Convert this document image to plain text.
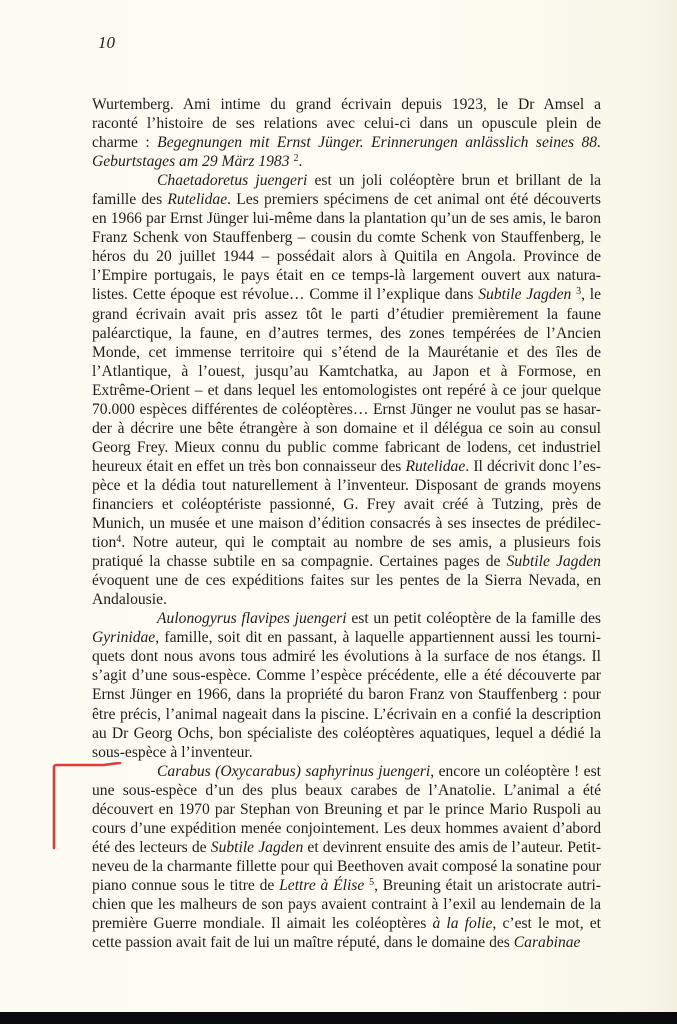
10
Wurtemberg. Ami intime du grand écrivain depuis 1923, le Dr Amsel a
raconté l’histoire de ses relations avec celui-ci dans un opuscule plein de
charme : Begegnungen mit Ernst Jünger. Erinnerungen anlässlich seines 88.
Geburtstages am 29 März 1983 $^2$.
Chaetadoretus juengeri est un joli coléoptère brun et brillant de la
famille des Rutelidae. Les premiers spécimens de cet animal ont été découverts
en 1966 par Ernst Jünger lui-même dans la plantation qu’un de ses amis, le baron
Franz Schenk von Stauffenberg – cousin du comte Schenk von Stauffenberg, le
héros du 20 juillet 1944 – possédait alors à Quitila en Angola. Province de
l’Empire portugais, le pays était en ce temps-là largement ouvert aux natura-
listes. Cette époque est révolue… Comme il l’explique dans Subtile Jagden $^3$, le
grand écrivain avait pris assez tôt le parti d’étudier premièrement la faune
paléarctique, la faune, en d’autres termes, des zones tempérées de l’Ancien
Monde, cet immense territoire qui s’étend de la Maurétanie et des îles de
l’Atlantique, à l’ouest, jusqu’au Kamtchatka, au Japon et à Formose, en
Extrême-Orient – et dans lequel les entomologistes ont repéré à ce jour quelque
70.000 espèces différentes de coléoptères… Ernst Jünger ne voulut pas se hasar-
der à décrire une bête étrangère à son domaine et il délégua ce soin au consul
Georg Frey. Mieux connu du public comme fabricant de lodens, cet industriel
heureux était en effet un très bon connaisseur des Rutelidae. Il décrivit donc l’es-
pèce et la dédia tout naturellement à l’inventeur. Disposant de grands moyens
financiers et coléoptériste passionné, G. Frey avait créé à Tutzing, près de
Munich, un musée et une maison d’édition consacrés à ses insectes de prédilec-
tion$^4$. Notre auteur, qui le comptait au nombre de ses amis, a plusieurs fois
pratiqué la chasse subtile en sa compagnie. Certaines pages de Subtile Jagden
évoquent une de ces expéditions faites sur les pentes de la Sierra Nevada, en
Andalousie.
Aulonogyrus flavipes juengeri est un petit coléoptère de la famille des
Gyrinidae, famille, soit dit en passant, à laquelle appartiennent aussi les tourni-
quets dont nous avons tous admiré les évolutions à la surface de nos étangs. Il
s’agit d’une sous-espèce. Comme l’espèce précédente, elle a été découverte par
Ernst Jünger en 1966, dans la propriété du baron Franz von Stauffenberg : pour
être précis, l’animal nageait dans la piscine. L’écrivain en a confié la description
au Dr Georg Ochs, bon spécialiste des coléoptères aquatiques, lequel a dédié la
sous-espèce à l’inventeur.
Carabus (Oxycarabus) saphyrinus juengeri, encore un coléoptère ! est
une sous-espèce d’un des plus beaux carabes de l’Anatolie. L’animal a été
découvert en 1970 par Stephan von Breuning et par le prince Mario Ruspoli au
cours d’une expédition menée conjointement. Les deux hommes avaient d’abord
été des lecteurs de Subtile Jagden et devinrent ensuite des amis de l’auteur. Petit-
neveu de la charmante fillette pour qui Beethoven avait composé la sonatine pour
piano connue sous le titre de Lettre à Élise $^5$, Breuning était un aristocrate autri-
chien que les malheurs de son pays avaient contraint à l’exil au lendemain de la
première Guerre mondiale. Il aimait les coléoptères à la folie, c’est le mot, et
cette passion avait fait de lui un maître réputé, dans le domaine des Carabinae
